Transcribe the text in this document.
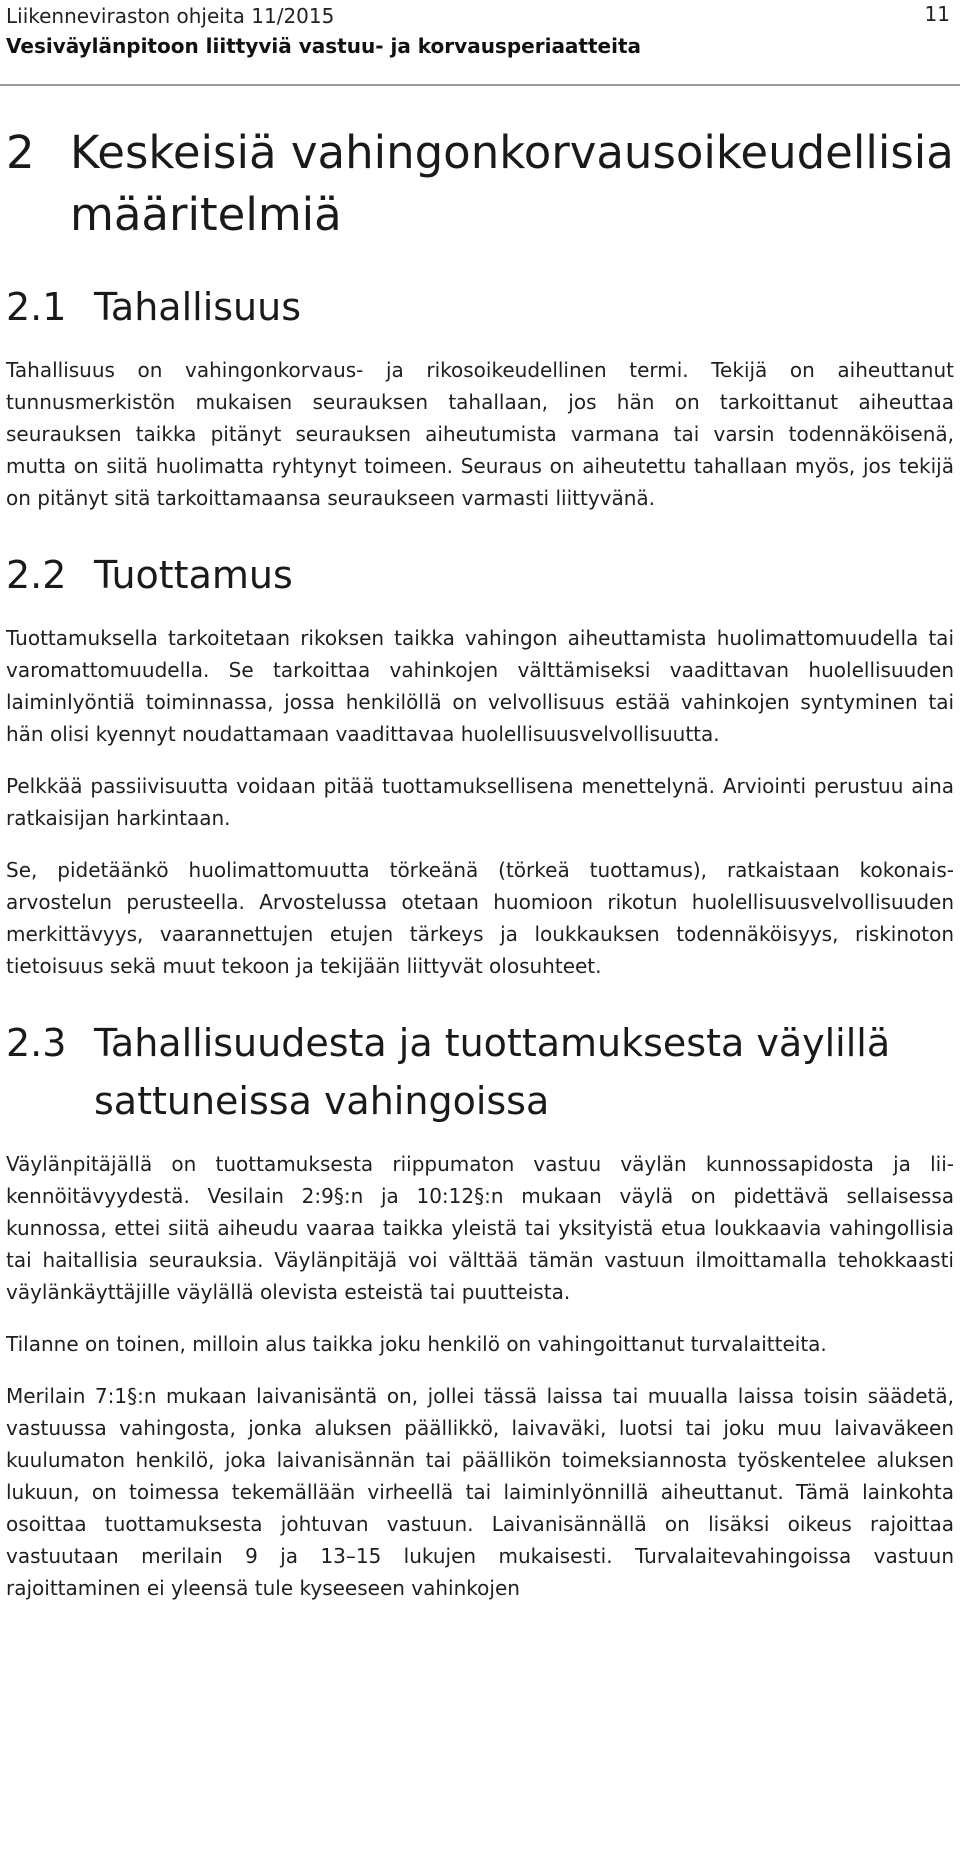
Liikenneviraston ohjeita 11/2015
Vesiväylänpitoon liittyviä vastuu- ja korvausperiaatteita
11
2 Keskeisiä vahingonkorvausoikeudellisia määritelmiä
2.1 Tahallisuus

Tahallisuus on vahingonkorvaus- ja rikosoikeudellinen termi. Tekijä on aiheuttanut tunnusmerkistön mukaisen seurauksen tahallaan, jos hän on tarkoittanut aiheuttaa seurauksen taikka pitänyt seurauksen aiheutumista varmana tai varsin todennäköisenä, mutta on siitä huolimatta ryhtynyt toimeen. Seuraus on aiheutettu tahallaan myös, jos tekijä on pitänyt sitä tarkoittamaansa seuraukseen varmasti liittyvänä.

2.2 Tuottamus

Tuottamuksella tarkoitetaan rikoksen taikka vahingon aiheuttamista huolimattomuudella tai varomattomuudella. Se tarkoittaa vahinkojen välttämiseksi vaadittavan huolellisuuden laiminlyöntiä toiminnassa, jossa henkilöllä on velvollisuus estää vahinkojen syntyminen tai hän olisi kyennyt noudattamaan vaadittavaa huolellisuusvelvollisuutta.

Pelkkää passiivisuutta voidaan pitää tuottamuksellisena menettelynä. Arviointi perustuu aina ratkaisijan harkintaan.

Se, pidetäänkö huolimattomuutta törkeänä (törkeä tuottamus), ratkaistaan kokonaisarvostelun perusteella. Arvostelussa otetaan huomioon rikotun huolellisuusvelvollisuuden merkittävyys, vaarannettujen etujen tärkeys ja loukkauksen todennäköisyys, riskinoton tietoisuus sekä muut tekoon ja tekijään liittyvät olosuhteet.

2.3 Tahallisuudesta ja tuottamuksesta väylillä sattuneissa vahingoissa

Väylänpitäjällä on tuottamuksesta riippumaton vastuu väylän kunnossapidosta ja liikennöitävyydestä. Vesilain 2:9§:n ja 10:12§:n mukaan väylä on pidettävä sellaisessa kunnossa, ettei siitä aiheudu vaaraa taikka yleistä tai yksityistä etua loukkaavia vahingollisia tai haitallisia seurauksia. Väylänpitäjä voi välttää tämän vastuun ilmoittamalla tehokkaasti väylänkäyttäjille väylällä olevista esteistä tai puutteista.

Tilanne on toinen, milloin alus taikka joku henkilö on vahingoittanut turvalaitteita.

Merilain 7:1§:n mukaan laivanisäntä on, jollei tässä laissa tai muualla laissa toisin säädetä, vastuussa vahingosta, jonka aluksen päällikkö, laivaväki, luotsi tai joku muu laivaväkeen kuulumaton henkilö, joka laivanisännän tai päällikön toimeksiannosta työskentelee aluksen lukuun, on toimessa tekemällään virheellä tai laiminlyönnillä aiheuttanut. Tämä lainkohta osoittaa tuottamuksesta johtuvan vastuun. Laivanisännällä on lisäksi oikeus rajoittaa vastuutaan merilain 9 ja 13–15 lukujen mukaisesti. Turvalaitevahingoissa vastuun rajoittaminen ei yleensä tule kyseeseen vahinkojen
